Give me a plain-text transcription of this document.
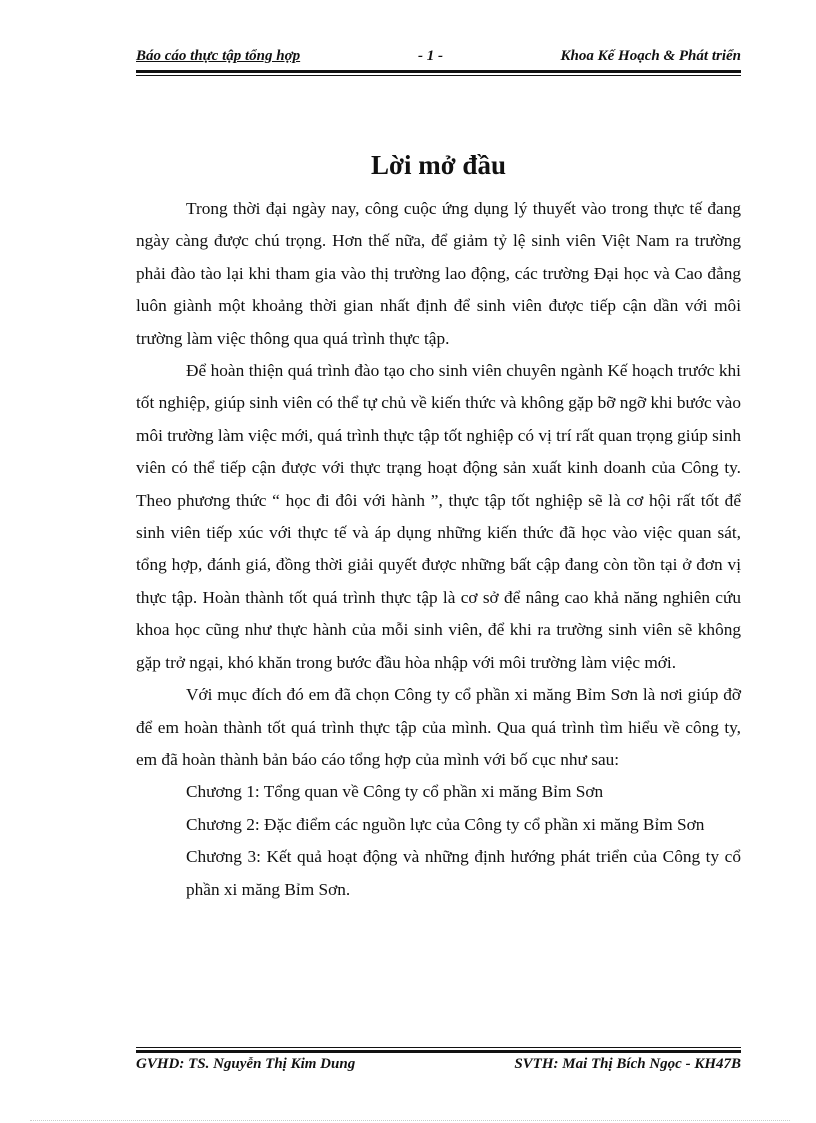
Báo cáo thực tập tổng hợp	- 1 -	Khoa Kế Hoạch & Phát triển
Lời mở đầu

Trong thời đại ngày nay, công cuộc ứng dụng lý thuyết vào trong thực tế đang ngày càng được chú trọng. Hơn thế nữa, để giảm tỷ lệ sinh viên Việt Nam ra trường phải đào tào lại khi tham gia vào thị trường lao động, các trường Đại học và Cao đẳng luôn giành một khoảng thời gian nhất định để sinh viên được tiếp cận dần với môi trường làm việc thông qua quá trình thực tập.

Để hoàn thiện quá trình đào tạo cho sinh viên chuyên ngành Kế hoạch trước khi tốt nghiệp, giúp sinh viên có thể tự chủ về kiến thức và không gặp bỡ ngỡ khi bước vào môi trường làm việc mới, quá trình thực tập tốt nghiệp có vị trí rất quan trọng giúp sinh viên có thể tiếp cận được với thực trạng hoạt động sản xuất kinh doanh của Công ty. Theo phương thức “ học đi đôi với hành ”, thực tập tốt nghiệp sẽ là cơ hội rất tốt để sinh viên tiếp xúc với thực tế và áp dụng những kiến thức đã học vào việc quan sát, tổng hợp, đánh giá, đồng thời giải quyết được những bất cập đang còn tồn tại ở đơn vị thực tập. Hoàn thành tốt quá trình thực tập là cơ sở để nâng cao khả năng nghiên cứu khoa học cũng như thực hành của mỗi sinh viên, để khi ra trường sinh viên sẽ không gặp trở ngại, khó khăn trong bước đầu hòa nhập với môi trường làm việc mới.

Với mục đích đó em đã chọn Công ty cổ phần xi măng Bỉm Sơn là nơi giúp đỡ để em hoàn thành tốt quá trình thực tập của mình. Qua quá trình tìm hiểu về công ty, em đã hoàn thành bản báo cáo tổng hợp của mình với bố cục như sau:

Chương 1: Tổng quan về Công ty cổ phần xi măng Bỉm Sơn

Chương 2: Đặc điểm các nguồn lực của Công ty cổ phần xi măng Bỉm Sơn

Chương 3: Kết quả hoạt động và những định hướng phát triển của Công ty cổ phần xi măng Bỉm Sơn.

GVHD: TS. Nguyễn Thị Kim Dung	SVTH: Mai Thị Bích Ngọc - KH47B
